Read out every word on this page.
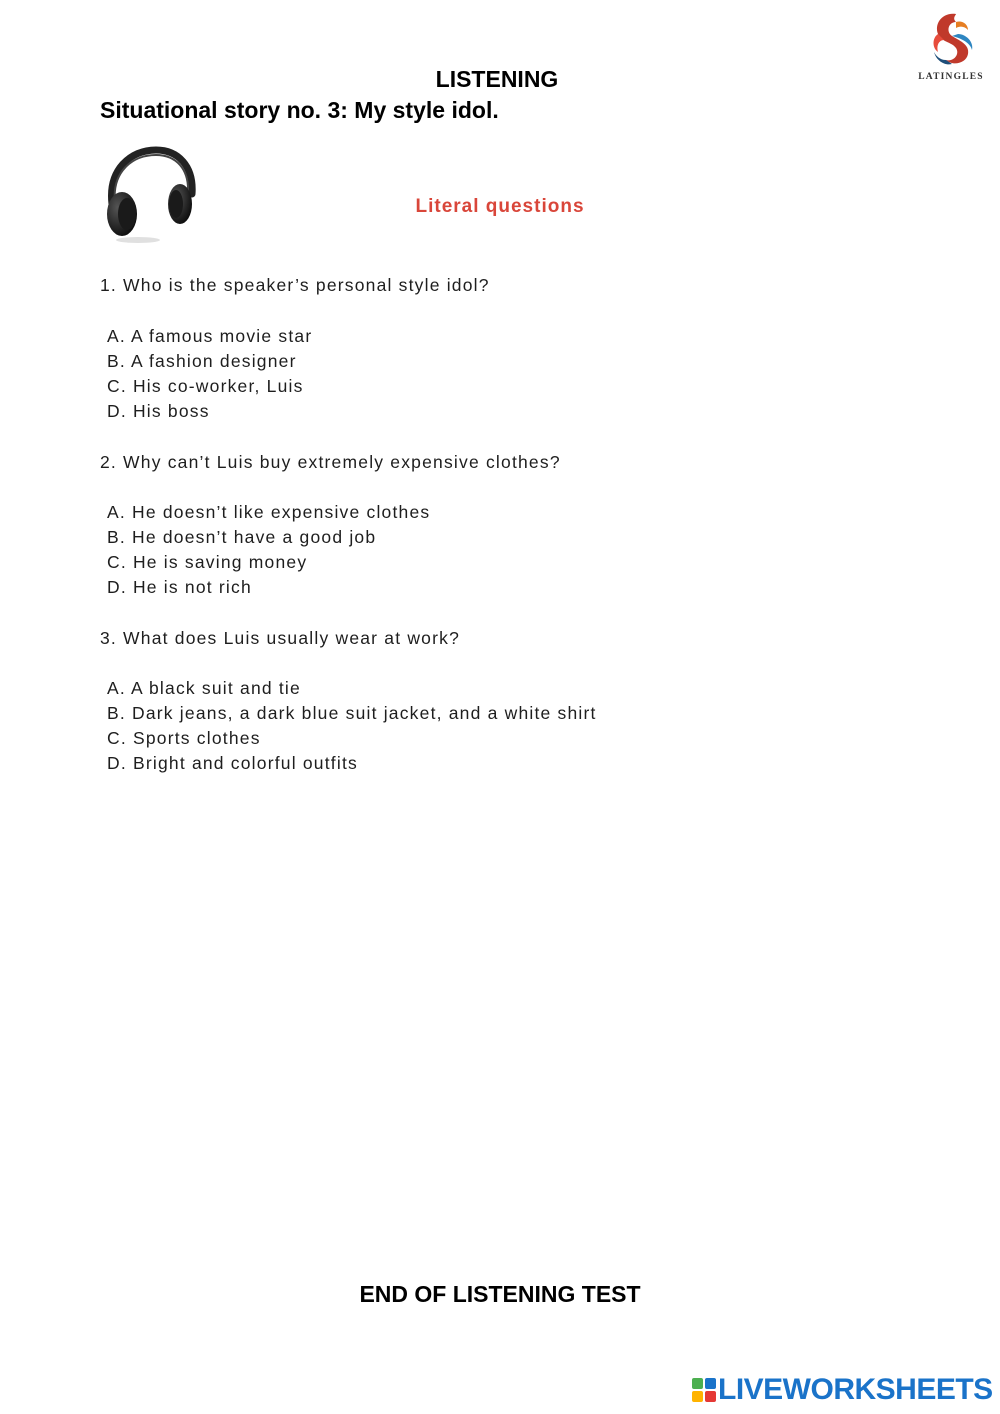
LISTENING
Situational story no. 3: My style idol.
Literal questions
1. Who is the speaker’s personal style idol?
A. A famous movie star
B. A fashion designer
C. His co-worker, Luis
D. His boss
2. Why can’t Luis buy extremely expensive clothes?
A. He doesn’t like expensive clothes
B. He doesn’t have a good job
C. He is saving money
D. He is not rich
3. What does Luis usually wear at work?
A. A black suit and tie
B. Dark jeans, a dark blue suit jacket, and a white shirt
C. Sports clothes
D. Bright and colorful outfits
END OF LISTENING TEST
LATINGLES
LIVEWORKSHEETS
